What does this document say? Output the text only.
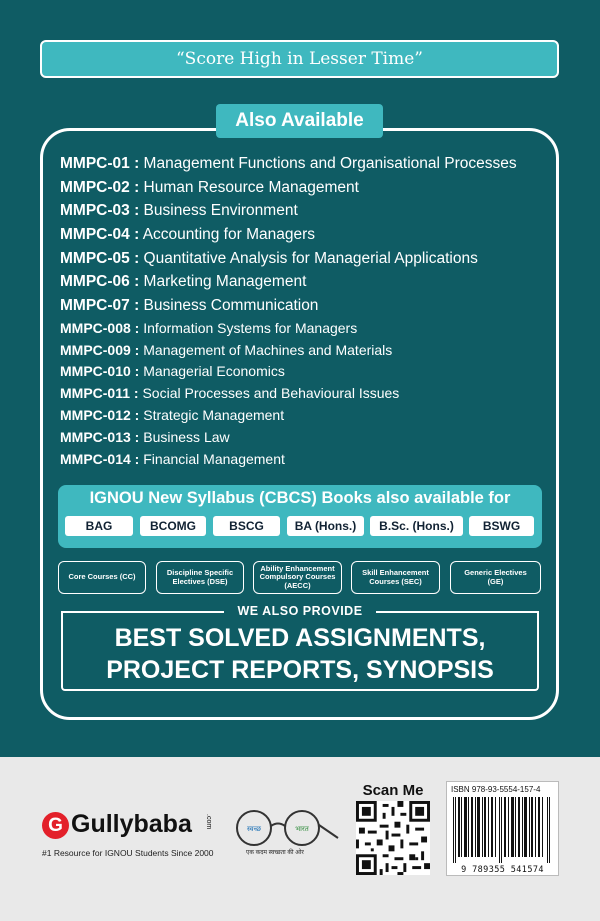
“Score High in Lesser Time”
Also Available
MMPC-01 : Management Functions and Organisational Processes
MMPC-02 : Human Resource Management
MMPC-03 : Business Environment
MMPC-04 : Accounting for Managers
MMPC-05 : Quantitative Analysis for Managerial Applications
MMPC-06 : Marketing Management
MMPC-07 : Business Communication
MMPC-008 : Information Systems for Managers
MMPC-009 : Management of Machines and Materials
MMPC-010 : Managerial Economics
MMPC-011 : Social Processes and Behavioural Issues
MMPC-012 : Strategic Management
MMPC-013 : Business Law
MMPC-014 : Financial Management
IGNOU New Syllabus (CBCS) Books also available for
BAG	BCOMG	BSCG	BA (Hons.)	B.Sc. (Hons.)	BSWG
Core Courses (CC)	Discipline Specific
Electives (DSE)
Ability Enhancement
Compulsory Courses
(AECC)
Skill Enhancement
Courses (SEC)
Generic Electives
(GE)
WE ALSO PROVIDE
BEST SOLVED ASSIGNMENTS,
PROJECT REPORTS, SYNOPSIS
G Gullybaba .com
#1 Resource for IGNOU Students Since 2000
स्वच्छ	भारत
एक कदम स्वच्छता की ओर
Scan Me	ISBN 978-93-5554-157-4
9 789355 541574
